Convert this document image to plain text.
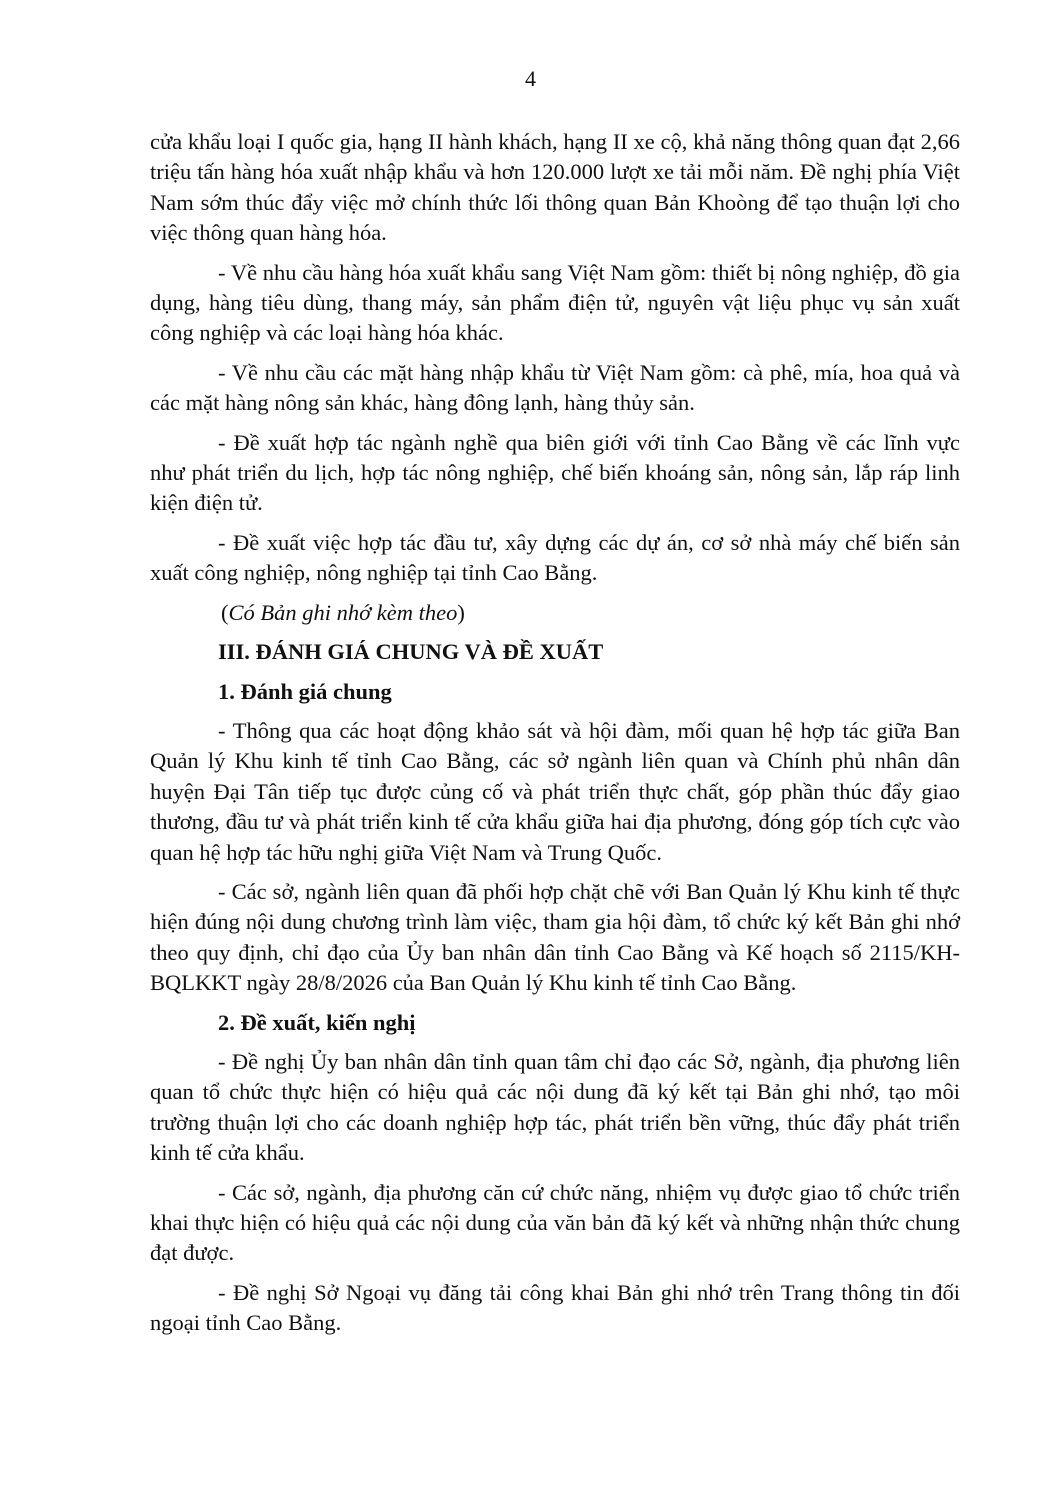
4

cửa khẩu loại I quốc gia, hạng II hành khách, hạng II xe cộ, khả năng thông quan đạt 2,66 triệu tấn hàng hóa xuất nhập khẩu và hơn 120.000 lượt xe tải mỗi năm. Đề nghị phía Việt Nam sớm thúc đẩy việc mở chính thức lối thông quan Bản Khoòng để tạo thuận lợi cho việc thông quan hàng hóa.

- Về nhu cầu hàng hóa xuất khẩu sang Việt Nam gồm: thiết bị nông nghiệp, đồ gia dụng, hàng tiêu dùng, thang máy, sản phẩm điện tử, nguyên vật liệu phục vụ sản xuất công nghiệp và các loại hàng hóa khác.

- Về nhu cầu các mặt hàng nhập khẩu từ Việt Nam gồm: cà phê, mía, hoa quả và các mặt hàng nông sản khác, hàng đông lạnh, hàng thủy sản.

- Đề xuất hợp tác ngành nghề qua biên giới với tỉnh Cao Bằng về các lĩnh vực như phát triển du lịch, hợp tác nông nghiệp, chế biến khoáng sản, nông sản, lắp ráp linh kiện điện tử.

- Đề xuất việc hợp tác đầu tư, xây dựng các dự án, cơ sở nhà máy chế biến sản xuất công nghiệp, nông nghiệp tại tỉnh Cao Bằng.

(Có Bản ghi nhớ kèm theo)

III. ĐÁNH GIÁ CHUNG VÀ ĐỀ XUẤT

1. Đánh giá chung

- Thông qua các hoạt động khảo sát và hội đàm, mối quan hệ hợp tác giữa Ban Quản lý Khu kinh tế tỉnh Cao Bằng, các sở ngành liên quan và Chính phủ nhân dân huyện Đại Tân tiếp tục được củng cố và phát triển thực chất, góp phần thúc đẩy giao thương, đầu tư và phát triển kinh tế cửa khẩu giữa hai địa phương, đóng góp tích cực vào quan hệ hợp tác hữu nghị giữa Việt Nam và Trung Quốc.

- Các sở, ngành liên quan đã phối hợp chặt chẽ với Ban Quản lý Khu kinh tế thực hiện đúng nội dung chương trình làm việc, tham gia hội đàm, tổ chức ký kết Bản ghi nhớ theo quy định, chỉ đạo của Ủy ban nhân dân tỉnh Cao Bằng và Kế hoạch số 2115/KH-BQLKKT ngày 28/8/2026 của Ban Quản lý Khu kinh tế tỉnh Cao Bằng.

2. Đề xuất, kiến nghị

- Đề nghị Ủy ban nhân dân tỉnh quan tâm chỉ đạo các Sở, ngành, địa phương liên quan tổ chức thực hiện có hiệu quả các nội dung đã ký kết tại Bản ghi nhớ, tạo môi trường thuận lợi cho các doanh nghiệp hợp tác, phát triển bền vững, thúc đẩy phát triển kinh tế cửa khẩu.

- Các sở, ngành, địa phương căn cứ chức năng, nhiệm vụ được giao tổ chức triển khai thực hiện có hiệu quả các nội dung của văn bản đã ký kết và những nhận thức chung đạt được.

- Đề nghị Sở Ngoại vụ đăng tải công khai Bản ghi nhớ trên Trang thông tin đối ngoại tỉnh Cao Bằng.
